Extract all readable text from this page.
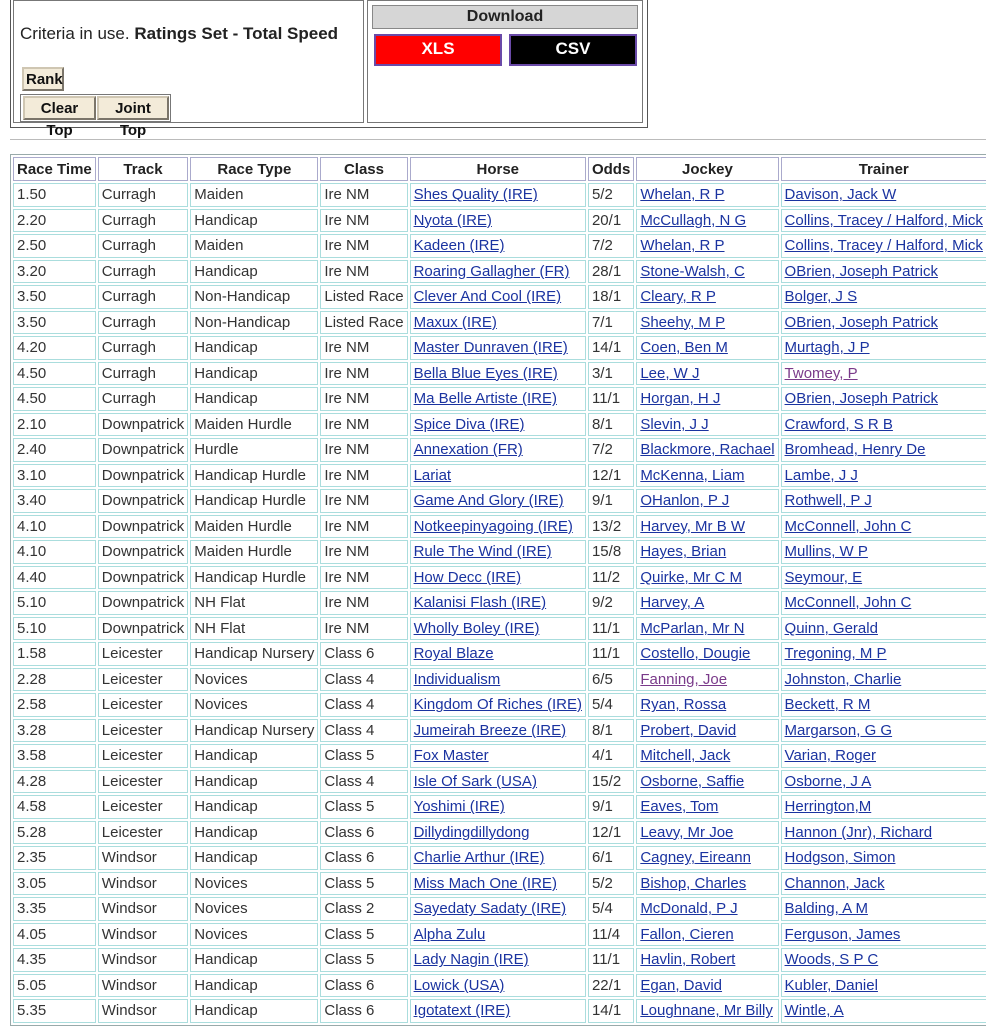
Criteria in use. Ratings Set - Total Speed
Rank
Clear Top
Joint Top
Download
XLS	CSV
Race Time	Track	Race Type	Class	Horse	Odds	Jockey	Trainer
1.50	Curragh	Maiden	Ire NM	Shes Quality (IRE)	5/2	Whelan, R P	Davison, Jack W
2.20	Curragh	Handicap	Ire NM	Nyota (IRE)	20/1	McCullagh, N G	Collins, Tracey / Halford, Mick
2.50	Curragh	Maiden	Ire NM	Kadeen (IRE)	7/2	Whelan, R P	Collins, Tracey / Halford, Mick
3.20	Curragh	Handicap	Ire NM	Roaring Gallagher (FR)	28/1	Stone-Walsh, C	OBrien, Joseph Patrick
3.50	Curragh	Non-Handicap	Listed Race	Clever And Cool (IRE)	18/1	Cleary, R P	Bolger, J S
3.50	Curragh	Non-Handicap	Listed Race	Maxux (IRE)	7/1	Sheehy, M P	OBrien, Joseph Patrick
4.20	Curragh	Handicap	Ire NM	Master Dunraven (IRE)	14/1	Coen, Ben M	Murtagh, J P
4.50	Curragh	Handicap	Ire NM	Bella Blue Eyes (IRE)	3/1	Lee, W J	Twomey, P
4.50	Curragh	Handicap	Ire NM	Ma Belle Artiste (IRE)	11/1	Horgan, H J	OBrien, Joseph Patrick
2.10	Downpatrick	Maiden Hurdle	Ire NM	Spice Diva (IRE)	8/1	Slevin, J J	Crawford, S R B
2.40	Downpatrick	Hurdle	Ire NM	Annexation (FR)	7/2	Blackmore, Rachael	Bromhead, Henry De
3.10	Downpatrick	Handicap Hurdle	Ire NM	Lariat	12/1	McKenna, Liam	Lambe, J J
3.40	Downpatrick	Handicap Hurdle	Ire NM	Game And Glory (IRE)	9/1	OHanlon, P J	Rothwell, P J
4.10	Downpatrick	Maiden Hurdle	Ire NM	Notkeepinyagoing (IRE)	13/2	Harvey, Mr B W	McConnell, John C
4.10	Downpatrick	Maiden Hurdle	Ire NM	Rule The Wind (IRE)	15/8	Hayes, Brian	Mullins, W P
4.40	Downpatrick	Handicap Hurdle	Ire NM	How Decc (IRE)	11/2	Quirke, Mr C M	Seymour, E
5.10	Downpatrick	NH Flat	Ire NM	Kalanisi Flash (IRE)	9/2	Harvey, A	McConnell, John C
5.10	Downpatrick	NH Flat	Ire NM	Wholly Boley (IRE)	11/1	McParlan, Mr N	Quinn, Gerald
1.58	Leicester	Handicap Nursery	Class 6	Royal Blaze	11/1	Costello, Dougie	Tregoning, M P
2.28	Leicester	Novices	Class 4	Individualism	6/5	Fanning, Joe	Johnston, Charlie
2.58	Leicester	Novices	Class 4	Kingdom Of Riches (IRE)	5/4	Ryan, Rossa	Beckett, R M
3.28	Leicester	Handicap Nursery	Class 4	Jumeirah Breeze (IRE)	8/1	Probert, David	Margarson, G G
3.58	Leicester	Handicap	Class 5	Fox Master	4/1	Mitchell, Jack	Varian, Roger
4.28	Leicester	Handicap	Class 4	Isle Of Sark (USA)	15/2	Osborne, Saffie	Osborne, J A
4.58	Leicester	Handicap	Class 5	Yoshimi (IRE)	9/1	Eaves, Tom	Herrington,M
5.28	Leicester	Handicap	Class 6	Dillydingdillydong	12/1	Leavy, Mr Joe	Hannon (Jnr), Richard
2.35	Windsor	Handicap	Class 6	Charlie Arthur (IRE)	6/1	Cagney, Eireann	Hodgson, Simon
3.05	Windsor	Novices	Class 5	Miss Mach One (IRE)	5/2	Bishop, Charles	Channon, Jack
3.35	Windsor	Novices	Class 2	Sayedaty Sadaty (IRE)	5/4	McDonald, P J	Balding, A M
4.05	Windsor	Novices	Class 5	Alpha Zulu	11/4	Fallon, Cieren	Ferguson, James
4.35	Windsor	Handicap	Class 5	Lady Nagin (IRE)	11/1	Havlin, Robert	Woods, S P C
5.05	Windsor	Handicap	Class 6	Lowick (USA)	22/1	Egan, David	Kubler, Daniel
5.35	Windsor	Handicap	Class 6	Igotatext (IRE)	14/1	Loughnane, Mr Billy	Wintle, A
